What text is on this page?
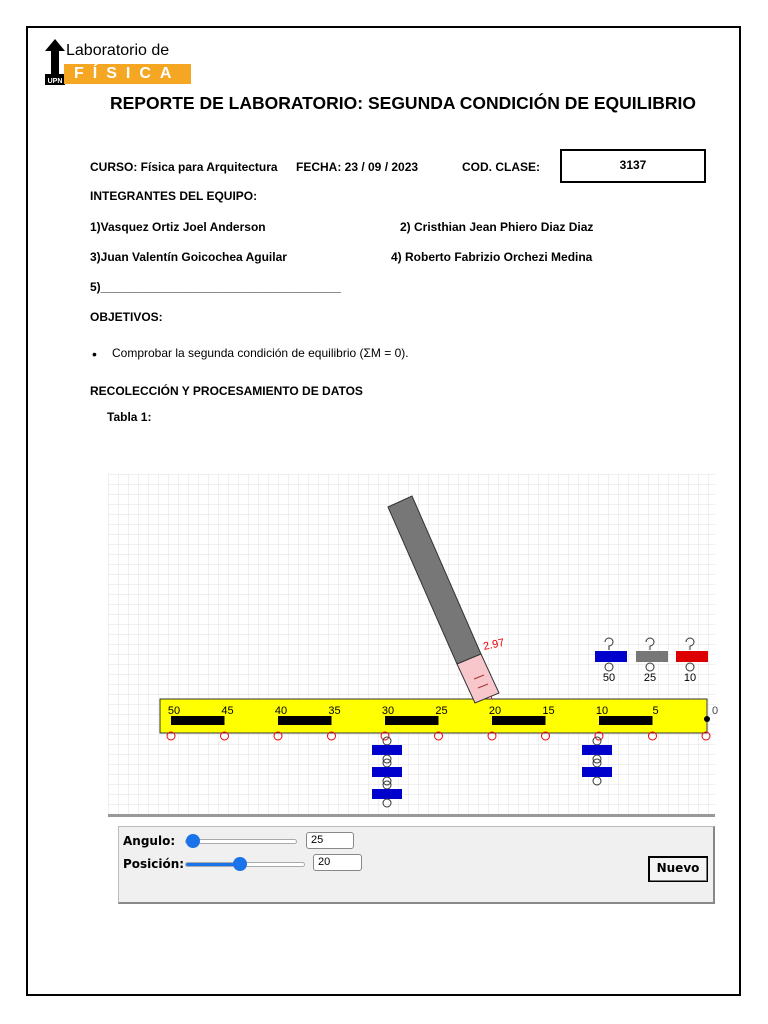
UPN
Laboratorio de
FÍSICA
REPORTE DE LABORATORIO: SEGUNDA CONDICIÓN DE EQUILIBRIO
CURSO: Física para Arquitectura FECHA: 23 / 09 / 2023	COD. CLASE:	3137
INTEGRANTES DEL EQUIPO:
1)Vasquez Ortiz Joel Anderson	2) Cristhian Jean Phiero Diaz Diaz
3)Juan Valentín Goicochea Aguilar	4) Roberto Fabrizio Orchezi Medina
5)____________________________________
OBJETIVOS:
• Comprobar la segunda condición de equilibrio (ΣM = 0).
RECOLECCIÓN Y PROCESAMIENTO DE DATOS
Tabla 1:
50	45	40	35	30	25	20	15	10	5
50	25	10
2.97
0
Angulo:	25
Posición:	20	Nuevo
